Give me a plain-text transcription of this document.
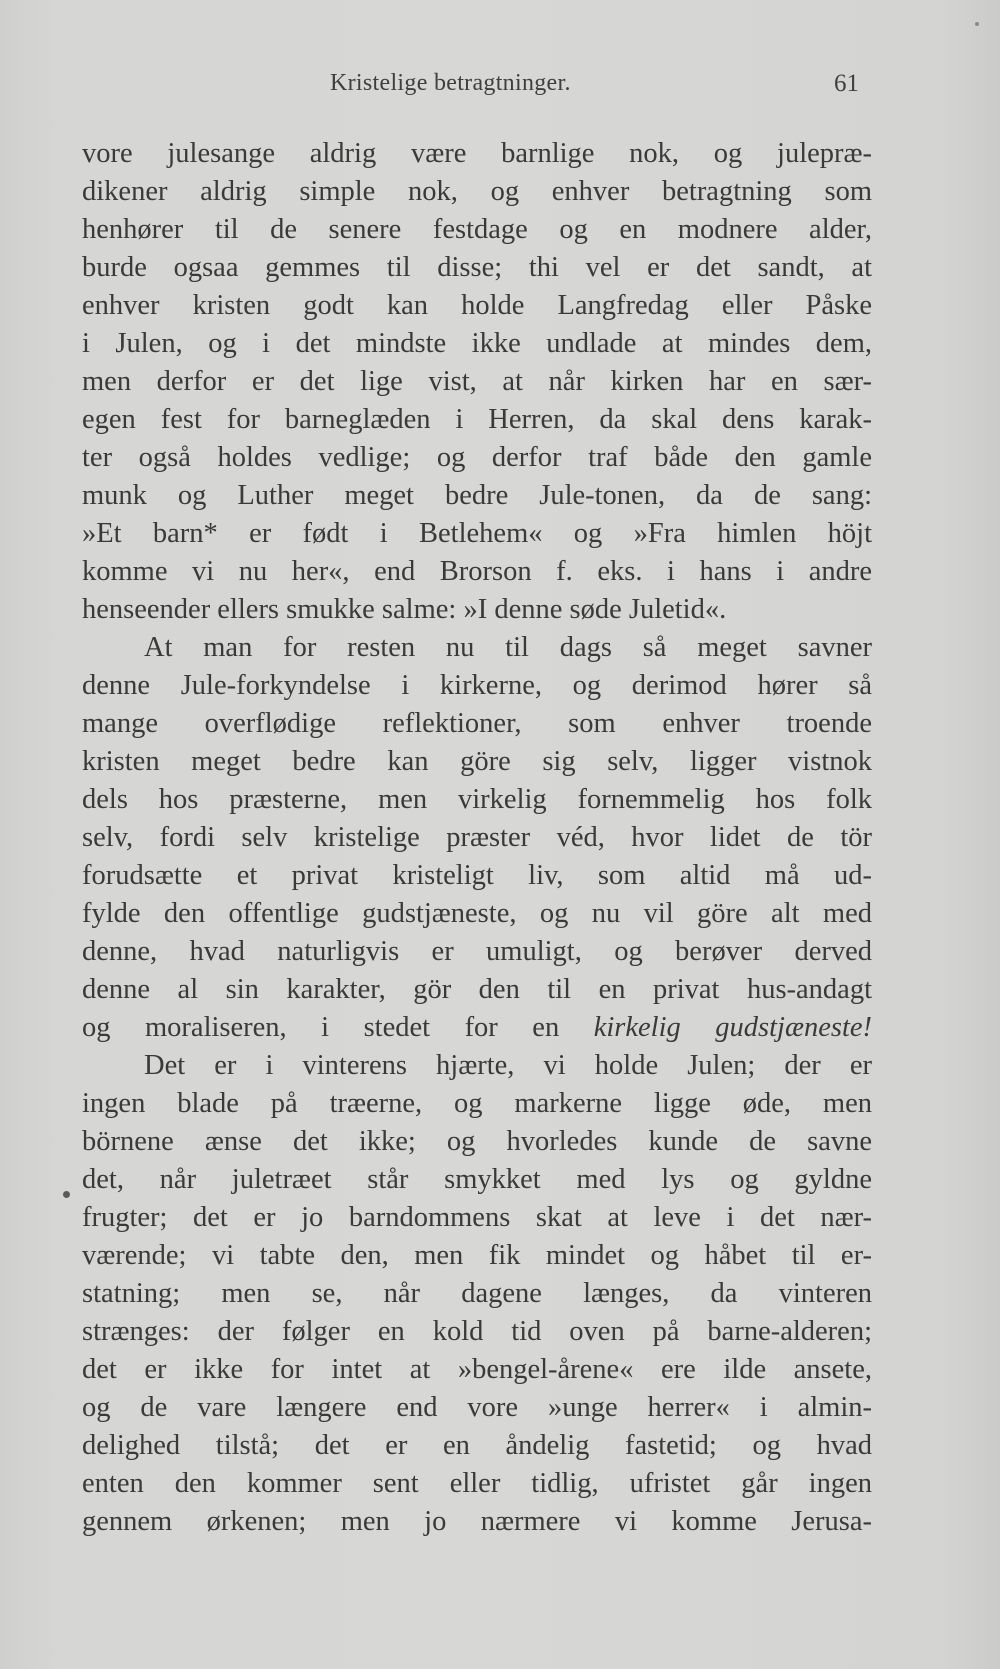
Kristelige betragtninger.	61
vore julesange aldrig være barnlige nok, og julepræ-
dikener aldrig simple nok, og enhver betragtning som
henhører til de senere festdage og en modnere alder,
burde ogsaa gemmes til disse; thi vel er det sandt, at
enhver kristen godt kan holde Langfredag eller Påske
i Julen, og i det mindste ikke undlade at mindes dem,
men derfor er det lige vist, at når kirken har en sær-
egen fest for barneglæden i Herren, da skal dens karak-
ter også holdes vedlige; og derfor traf både den gamle
munk og Luther meget bedre Jule-tonen, da de sang:
»Et barn* er født i Betlehem« og »Fra himlen höjt
komme vi nu her«, end Brorson f. eks. i hans i andre
henseender ellers smukke salme: »I denne søde Juletid«.
At man for resten nu til dags så meget savner
denne Jule-forkyndelse i kirkerne, og derimod hører så
mange overflødige reflektioner, som enhver troende
kristen meget bedre kan göre sig selv, ligger vistnok
dels hos præsterne, men virkelig fornemmelig hos folk
selv, fordi selv kristelige præster véd, hvor lidet de tör
forudsætte et privat kristeligt liv, som altid må ud-
fylde den offentlige gudstjæneste, og nu vil göre alt med
denne, hvad naturligvis er umuligt, og berøver derved
denne al sin karakter, gör den til en privat hus-andagt
og moraliseren, i stedet for en kirkelig gudstjæneste!
Det er i vinterens hjærte, vi holde Julen; der er
ingen blade på træerne, og markerne ligge øde, men
börnene ænse det ikke; og hvorledes kunde de savne
det, når juletræet står smykket med lys og gyldne
frugter; det er jo barndommens skat at leve i det nær-
værende; vi tabte den, men fik mindet og håbet til er-
statning; men se, når dagene længes, da vinteren
strænges: der følger en kold tid oven på barne-alderen;
det er ikke for intet at »bengel-årene« ere ilde ansete,
og de vare længere end vore »unge herrer« i almin-
delighed tilstå; det er en åndelig fastetid; og hvad
enten den kommer sent eller tidlig, ufristet går ingen
gennem ørkenen; men jo nærmere vi komme Jerusa-
